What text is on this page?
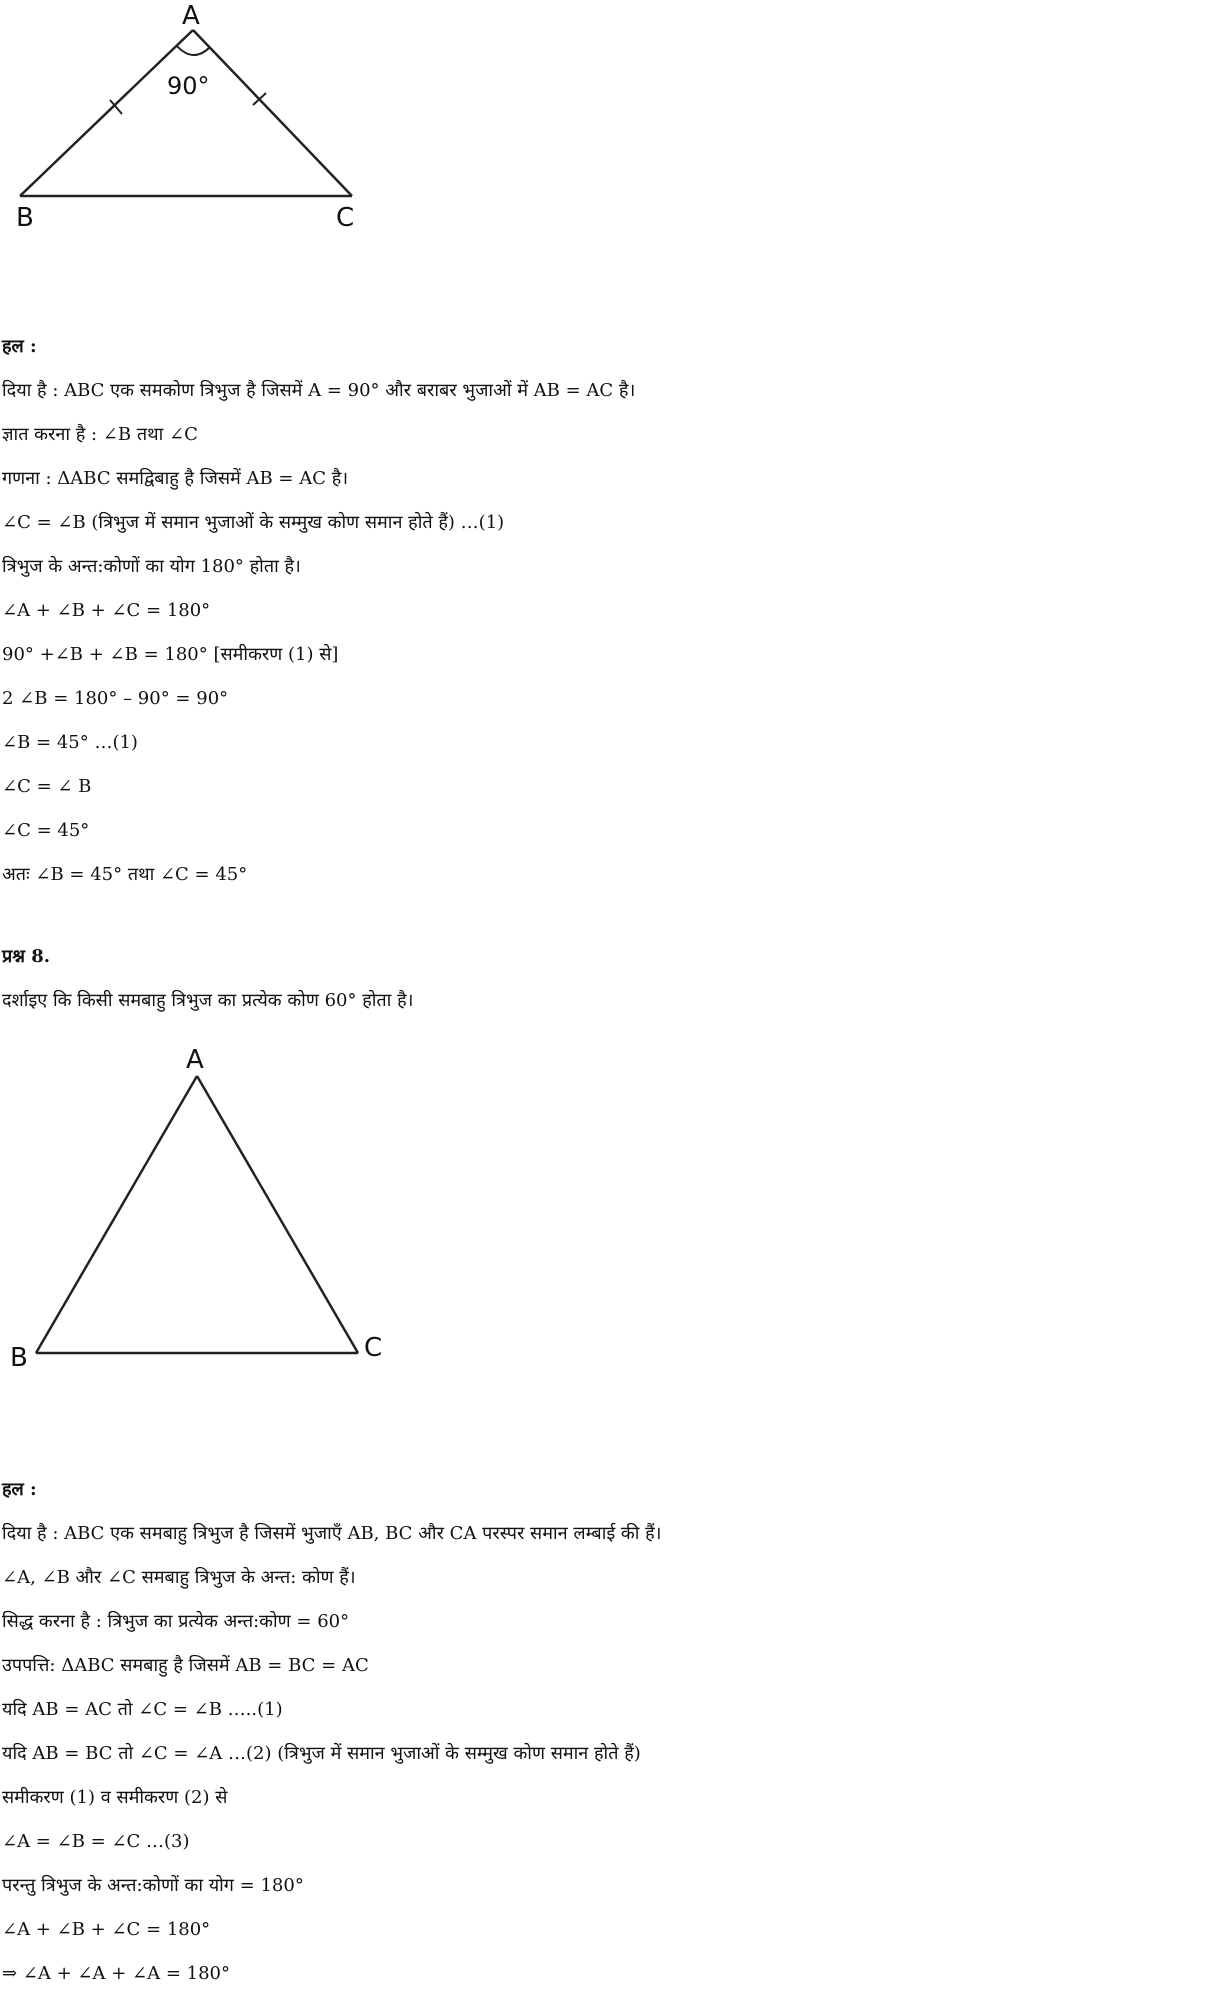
A
B	C
90°
हल :
दिया है : ABC एक समकोण त्रिभुज है जिसमें A = 90° और बराबर भुजाओं में AB = AC है।
ज्ञात करना है : ∠B तथा ∠C
गणना : ΔABC समद्विबाहु है जिसमें AB = AC है।
∠C = ∠B (त्रिभुज में समान भुजाओं के सम्मुख कोण समान होते हैं) …(1)
त्रिभुज के अन्त:कोणों का योग 180° होता है।
∠A + ∠B + ∠C = 180°
90° +∠B + ∠B = 180° [समीकरण (1) से]
2 ∠B = 180° – 90° = 90°
∠B = 45° …(1)
∠C = ∠ B
∠C = 45°
अतः ∠B = 45° तथा ∠C = 45°
प्रश्न 8.
दर्शाइए कि किसी समबाहु त्रिभुज का प्रत्येक कोण 60° होता है।
A
B	C
हल :
दिया है : ABC एक समबाहु त्रिभुज है जिसमें भुजाएँ AB, BC और CA परस्पर समान लम्बाई की हैं।
∠A, ∠B और ∠C समबाहु त्रिभुज के अन्त: कोण हैं।
सिद्ध करना है : त्रिभुज का प्रत्येक अन्त:कोण = 60°
उपपत्ति: ΔABC समबाहु है जिसमें AB = BC = AC
यदि AB = AC तो ∠C = ∠B …..(1)
यदि AB = BC तो ∠C = ∠A …(2) (त्रिभुज में समान भुजाओं के सम्मुख कोण समान होते हैं)
समीकरण (1) व समीकरण (2) से
∠A = ∠B = ∠C …(3)
परन्तु त्रिभुज के अन्त:कोणों का योग = 180°
∠A + ∠B + ∠C = 180°
⇒ ∠A + ∠A + ∠A = 180°
